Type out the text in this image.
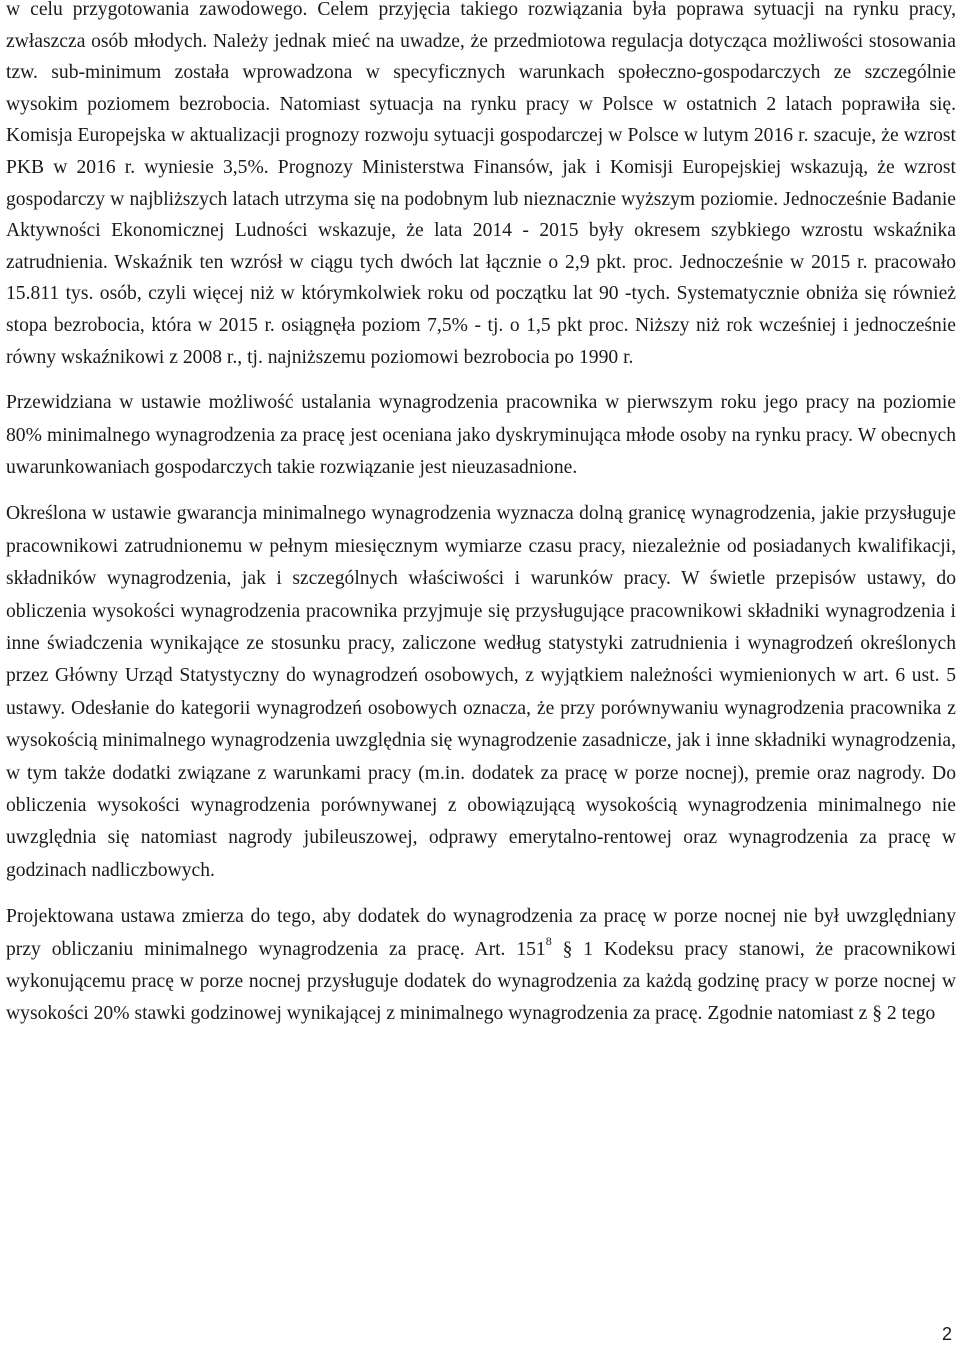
w celu przygotowania zawodowego. Celem przyjęcia takiego rozwiązania była poprawa sytuacji na rynku pracy, zwłaszcza osób młodych. Należy jednak mieć na uwadze, że przedmiotowa regulacja dotycząca możliwości stosowania tzw. sub-minimum została wprowadzona w specyficznych warunkach społeczno-gospodarczych ze szczególnie wysokim poziomem bezrobocia. Natomiast sytuacja na rynku pracy w Polsce w ostatnich 2 latach poprawiła się. Komisja Europejska w aktualizacji prognozy rozwoju sytuacji gospodarczej w Polsce w lutym 2016 r. szacuje, że wzrost PKB w 2016 r. wyniesie 3,5%. Prognozy Ministerstwa Finansów, jak i Komisji Europejskiej wskazują, że wzrost gospodarczy w najbliższych latach utrzyma się na podobnym lub nieznacznie wyższym poziomie. Jednocześnie Badanie Aktywności Ekonomicznej Ludności wskazuje, że lata 2014 - 2015 były okresem szybkiego wzrostu wskaźnika zatrudnienia. Wskaźnik ten wzrósł w ciągu tych dwóch lat łącznie o 2,9 pkt. proc. Jednocześnie w 2015 r. pracowało 15.811 tys. osób, czyli więcej niż w którymkolwiek roku od początku lat 90 -tych. Systematycznie obniża się również stopa bezrobocia, która w 2015 r. osiągnęła poziom 7,5% - tj. o 1,5 pkt proc. Niższy niż rok wcześniej i jednocześnie równy wskaźnikowi z 2008 r., tj. najniższemu poziomowi bezrobocia po 1990 r.

Przewidziana w ustawie możliwość ustalania wynagrodzenia pracownika w pierwszym roku jego pracy na poziomie 80% minimalnego wynagrodzenia za pracę jest oceniana jako dyskryminująca młode osoby na rynku pracy. W obecnych uwarunkowaniach gospodarczych takie rozwiązanie jest nieuzasadnione.

Określona w ustawie gwarancja minimalnego wynagrodzenia wyznacza dolną granicę wynagrodzenia, jakie przysługuje pracownikowi zatrudnionemu w pełnym miesięcznym wymiarze czasu pracy, niezależnie od posiadanych kwalifikacji, składników wynagrodzenia, jak i szczególnych właściwości i warunków pracy. W świetle przepisów ustawy, do obliczenia wysokości wynagrodzenia pracownika przyjmuje się przysługujące pracownikowi składniki wynagrodzenia i inne świadczenia wynikające ze stosunku pracy, zaliczone według statystyki zatrudnienia i wynagrodzeń określonych przez Główny Urząd Statystyczny do wynagrodzeń osobowych, z wyjątkiem należności wymienionych w art. 6 ust. 5 ustawy. Odesłanie do kategorii wynagrodzeń osobowych oznacza, że przy porównywaniu wynagrodzenia pracownika z wysokością minimalnego wynagrodzenia uwzględnia się wynagrodzenie zasadnicze, jak i inne składniki wynagrodzenia, w tym także dodatki związane z warunkami pracy (m.in. dodatek za pracę w porze nocnej), premie oraz nagrody. Do obliczenia wysokości wynagrodzenia porównywanej z obowiązującą wysokością wynagrodzenia minimalnego nie uwzględnia się natomiast nagrody jubileuszowej, odprawy emerytalno-rentowej oraz wynagrodzenia za pracę w godzinach nadliczbowych.

Projektowana ustawa zmierza do tego, aby dodatek do wynagrodzenia za pracę w porze nocnej nie był uwzględniany przy obliczaniu minimalnego wynagrodzenia za pracę. Art. $151^8$ § 1 Kodeksu pracy stanowi, że pracownikowi wykonującemu pracę w porze nocnej przysługuje dodatek do wynagrodzenia za każdą godzinę pracy w porze nocnej w wysokości 20% stawki godzinowej wynikającej z minimalnego wynagrodzenia za pracę. Zgodnie natomiast z § 2 tego

2
